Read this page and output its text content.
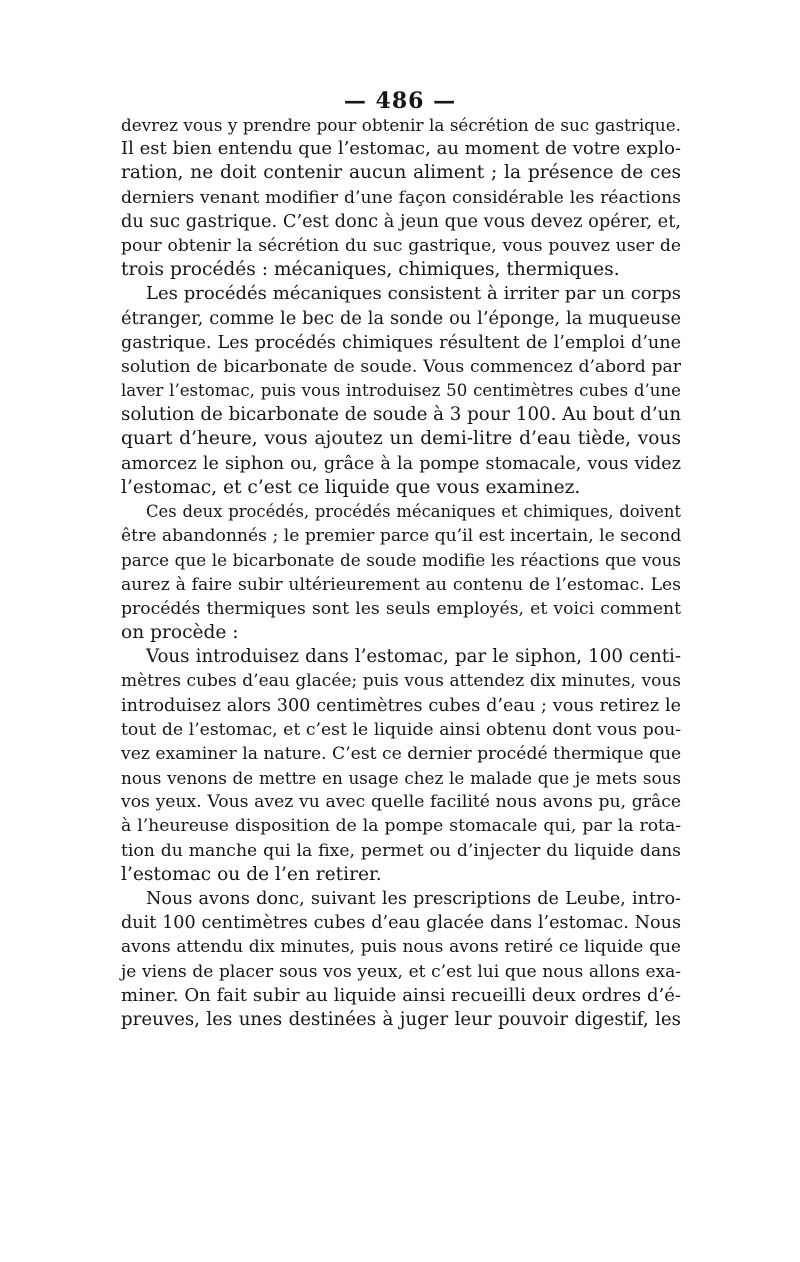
— 486 —
devrez vous y prendre pour obtenir la sécrétion de suc gastrique.
Il est bien entendu que l’estomac, au moment de votre explo-
ration, ne doit contenir aucun aliment ; la présence de ces
derniers venant modifier d’une façon considérable les réactions
du suc gastrique. C’est donc à jeun que vous devez opérer, et,
pour obtenir la sécrétion du suc gastrique, vous pouvez user de
trois procédés : mécaniques, chimiques, thermiques.
Les procédés mécaniques consistent à irriter par un corps
étranger, comme le bec de la sonde ou l’éponge, la muqueuse
gastrique. Les procédés chimiques résultent de l’emploi d’une
solution de bicarbonate de soude. Vous commencez d’abord par
laver l’estomac, puis vous introduisez 50 centimètres cubes d’une
solution de bicarbonate de soude à 3 pour 100. Au bout d’un
quart d’heure, vous ajoutez un demi-litre d’eau tiède, vous
amorcez le siphon ou, grâce à la pompe stomacale, vous videz
l’estomac, et c’est ce liquide que vous examinez.
Ces deux procédés, procédés mécaniques et chimiques, doivent
être abandonnés ; le premier parce qu’il est incertain, le second
parce que le bicarbonate de soude modifie les réactions que vous
aurez à faire subir ultérieurement au contenu de l’estomac. Les
procédés thermiques sont les seuls employés, et voici comment
on procède :
Vous introduisez dans l’estomac, par le siphon, 100 centi-
mètres cubes d’eau glacée; puis vous attendez dix minutes, vous
introduisez alors 300 centimètres cubes d’eau ; vous retirez le
tout de l’estomac, et c’est le liquide ainsi obtenu dont vous pou-
vez examiner la nature. C’est ce dernier procédé thermique que
nous venons de mettre en usage chez le malade que je mets sous
vos yeux. Vous avez vu avec quelle facilité nous avons pu, grâce
à l’heureuse disposition de la pompe stomacale qui, par la rota-
tion du manche qui la fixe, permet ou d’injecter du liquide dans
l’estomac ou de l’en retirer.
Nous avons donc, suivant les prescriptions de Leube, intro-
duit 100 centimètres cubes d’eau glacée dans l’estomac. Nous
avons attendu dix minutes, puis nous avons retiré ce liquide que
je viens de placer sous vos yeux, et c’est lui que nous allons exa-
miner. On fait subir au liquide ainsi recueilli deux ordres d’é-
preuves, les unes destinées à juger leur pouvoir digestif, les
